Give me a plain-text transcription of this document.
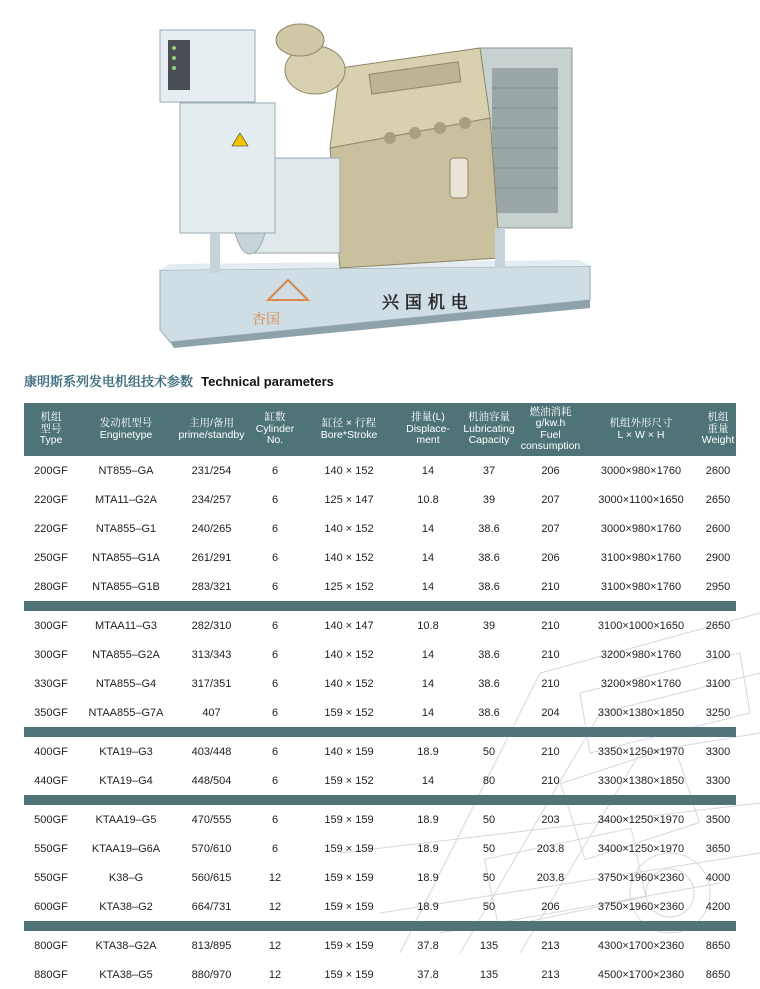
杏国
兴 国 机 电
康明斯系列发电机组技术参数 Technical parameters
机组
型号
Type	发动机型号
Enginetype	主用/备用
prime/standby	缸数
Cylinder
No.	缸径 × 行程
Bore*Stroke	排量(L)
Displace-
ment	机油容量
Lubricating
Capacity	燃油消耗
g/kw.h
Fuel
consumption	机组外形尺寸
L × W × H	机组
重量
Weight

200GF	NT855–GA	231/254	6	140 × 152	14	37	206	3000×980×1760	2600
220GF	MTA11–G2A	234/257	6	125 × 147	10.8	39	207	3000×1100×1650	2650
220GF	NTA855–G1	240/265	6	140 × 152	14	38.6	207	3000×980×1760	2600
250GF	NTA855–G1A	261/291	6	140 × 152	14	38.6	206	3100×980×1760	2900
280GF	NTA855–G1B	283/321	6	125 × 152	14	38.6	210	3100×980×1760	2950
300GF	MTAA11–G3	282/310	6	140 × 147	10.8	39	210	3100×1000×1650	2650
300GF	NTA855–G2A	313/343	6	140 × 152	14	38.6	210	3200×980×1760	3100
330GF	NTA855–G4	317/351	6	140 × 152	14	38.6	210	3200×980×1760	3100
350GF	NTAA855–G7A	407	6	159 × 152	14	38.6	204	3300×1380×1850	3250
400GF	KTA19–G3	403/448	6	140 × 159	18.9	50	210	3350×1250×1970	3300
440GF	KTA19–G4	448/504	6	159 × 152	14	80	210	3300×1380×1850	3300
500GF	KTAA19–G5	470/555	6	159 × 159	18.9	50	203	3400×1250×1970	3500
550GF	KTAA19–G6A	570/610	6	159 × 159	18.9	50	203.8	3400×1250×1970	3650
550GF	K38–G	560/615	12	159 × 159	18.9	50	203.8	3750×1960×2360	4000
600GF	KTA38–G2	664/731	12	159 × 159	18.9	50	206	3750×1960×2360	4200
800GF	KTA38–G2A	813/895	12	159 × 159	37.8	135	213	4300×1700×2360	8650
880GF	KTA38–G5	880/970	12	159 × 159	37.8	135	213	4500×1700×2360	8650
